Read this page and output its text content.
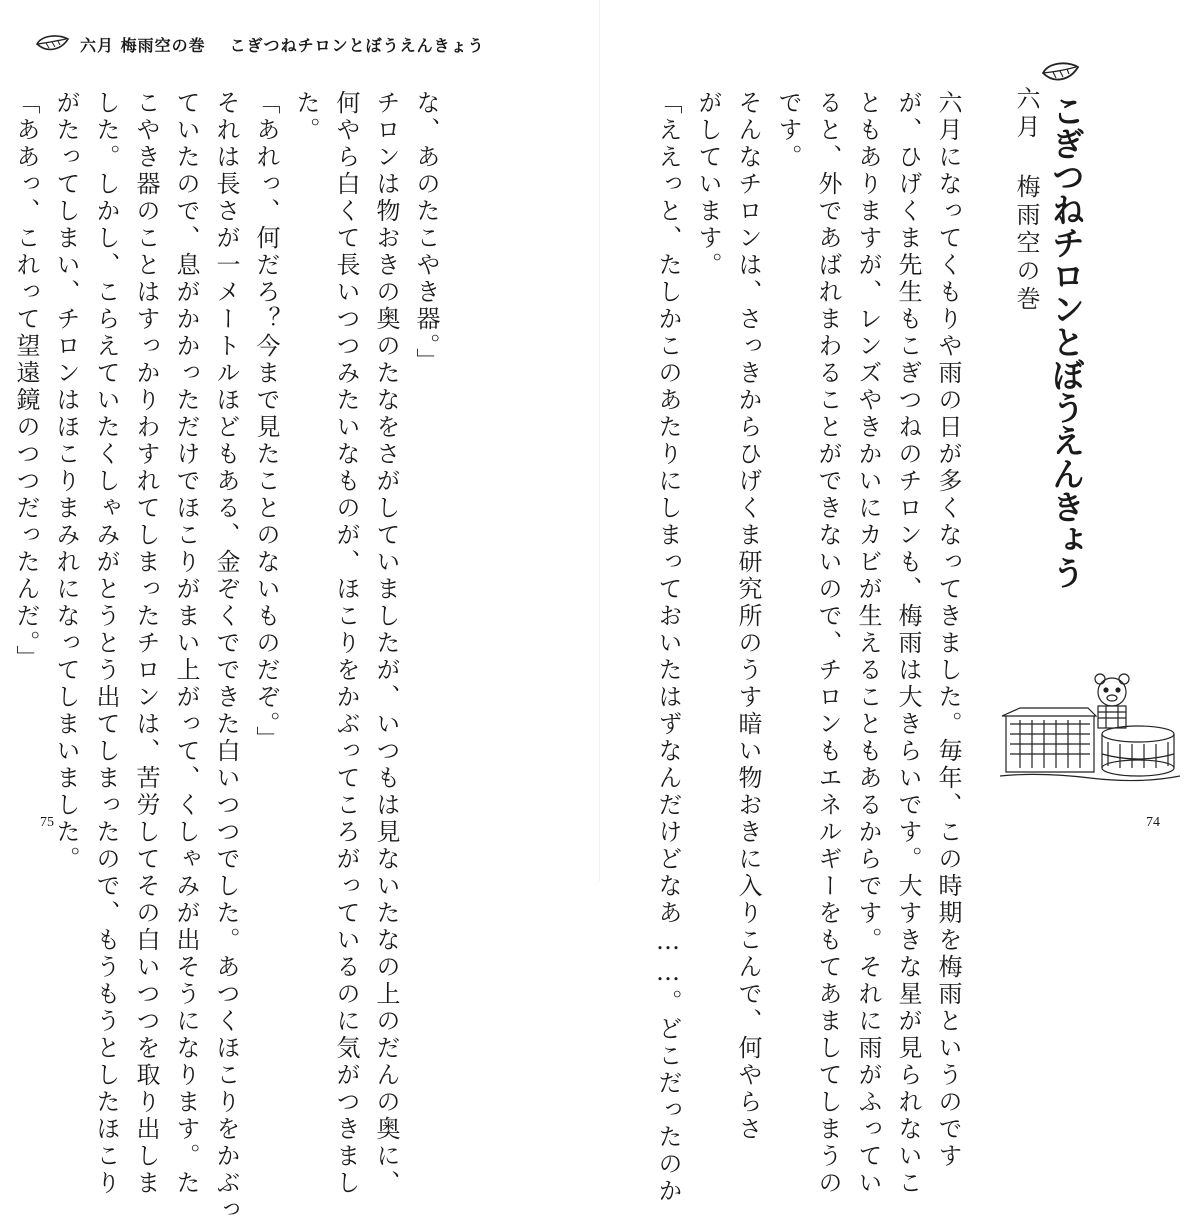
六月 梅雨空の巻 こぎつねチロンとぼうえんきょう
な、あのたこやき器。」
チロンは物おきの奥のたなをさがしていましたが、いつもは見ないたなの上のだんの奥に、
何やら白くて長いつつみたいなものが、ほこりをかぶってころがっているのに気がつきまし
た。
「あれっ、何だろ？今まで見たことのないものだぞ。」
それは長さが一メートルほどもある、金ぞくでできた白いつつでした。あつくほこりをかぶっ
ていたので、息がかかっただけでほこりがまい上がって、くしゃみが出そうになります。た
こやき器のことはすっかりわすれてしまったチロンは、苦労してその白いつつを取り出しま
した。しかし、こらえていたくしゃみがとうとう出てしまったので、もうもうとしたほこり
がたってしまい、チロンはほこりまみれになってしまいました。
「ああっ、これって望遠鏡のつつだったんだ。」	六月になってくもりや雨の日が多くなってきました。毎年、この時期を梅雨というのです
が、ひげくま先生もこぎつねのチロンも、梅雨は大きらいです。大すきな星が見られないこ
ともありますが、レンズやきかいにカビが生えることもあるからです。それに雨がふってい
ると、外であばれまわることができないので、チロンもエネルギーをもてあましてしまうの
です。
そんなチロンは、さっきからひげくま研究所のうす暗い物おきに入りこんで、何やらさ
がしています。
「ええっと、たしかこのあたりにしまっておいたはずなんだけどなあ……。どこだったのか	六月 梅雨空の巻 こぎつねチロンとぼうえんきょう
75	74
